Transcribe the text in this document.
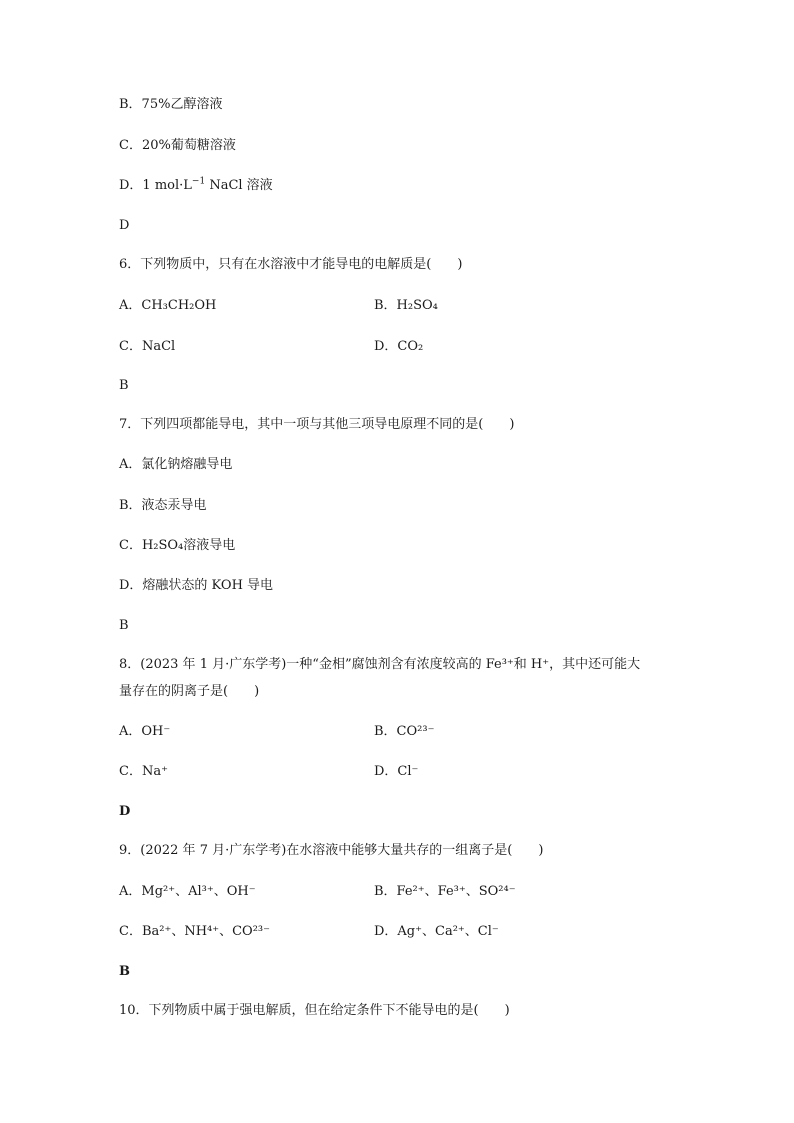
B．75%乙醇溶液
C．20%葡萄糖溶液
D．1 $mol\cdot L^{-1}$ NaCl 溶液
D
6．下列物质中，只有在水溶液中才能导电的电解质是(　　)
A．CH₃CH₂OH	B．H₂SO₄
C．NaCl	D．CO₂
B
7．下列四项都能导电，其中一项与其他三项导电原理不同的是(　　)
A．氯化钠熔融导电
B．液态汞导电
C．H₂SO₄溶液导电
D．熔融状态的 KOH 导电
B
8．(2023 年 1 月·广东学考)一种“金相”腐蚀剂含有浓度较高的 Fe³⁺和 H⁺，其中还可能大
量存在的阴离子是(　　)
A．OH⁻	B．CO²³⁻
C．Na⁺	D．Cl⁻
D
9．(2022 年 7 月·广东学考)在水溶液中能够大量共存的一组离子是(　　)
A．Mg²⁺、Al³⁺、OH⁻	B．Fe²⁺、Fe³⁺、SO²⁴⁻
C．Ba²⁺、NH⁴⁺、CO²³⁻	D．Ag⁺、Ca²⁺、Cl⁻
B
10．下列物质中属于强电解质，但在给定条件下不能导电的是(　　)
